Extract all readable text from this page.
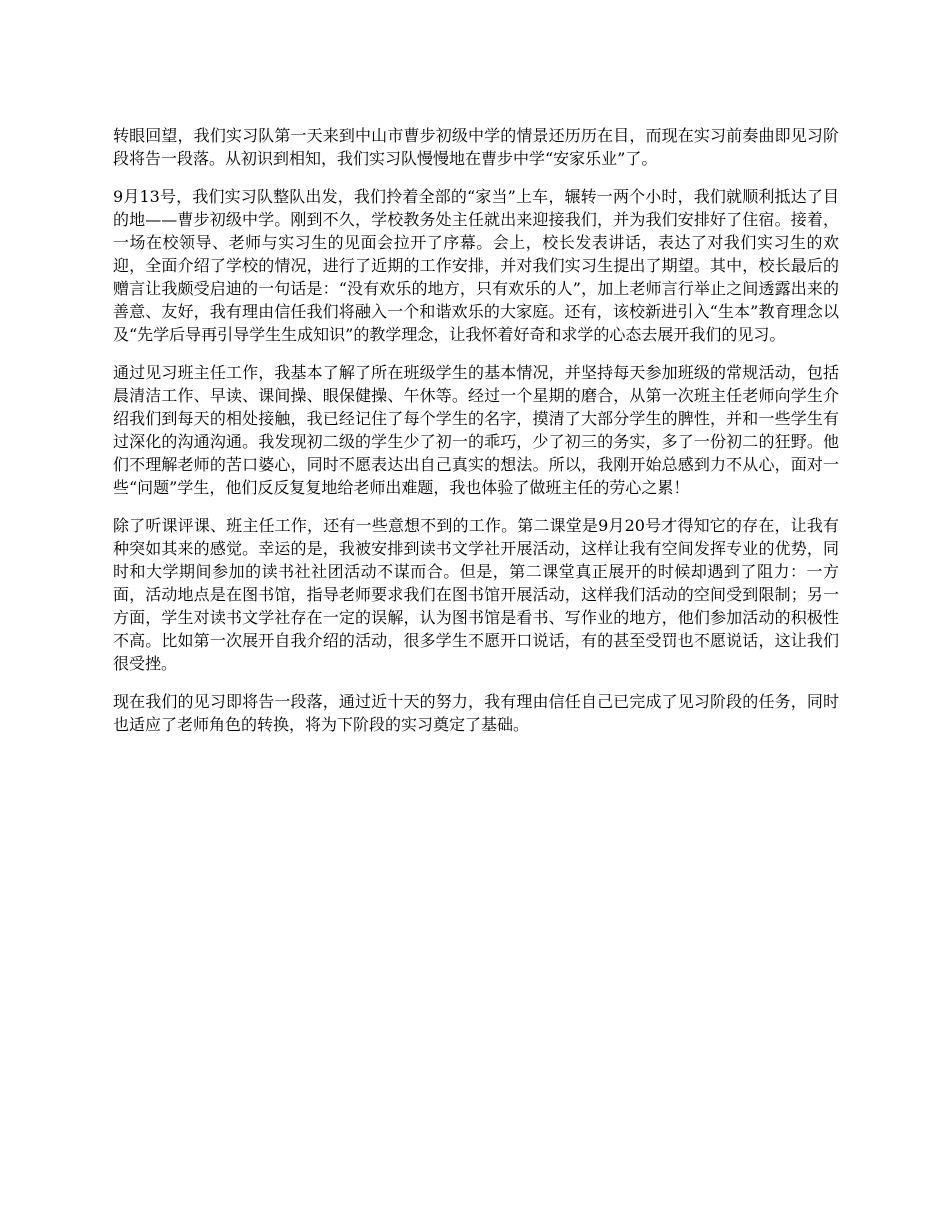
转眼回望，我们实习队第一天来到中山市曹步初级中学的情景还历历在目，而现在实习前奏曲即见习阶段将告一段落。从初识到相知，我们实习队慢慢地在曹步中学“安家乐业”了。

9月13号，我们实习队整队出发，我们拎着全部的“家当”上车，辗转一两个小时，我们就顺利抵达了目的地——曹步初级中学。刚到不久，学校教务处主任就出来迎接我们，并为我们安排好了住宿。接着，一场在校领导、老师与实习生的见面会拉开了序幕。会上，校长发表讲话，表达了对我们实习生的欢迎，全面介绍了学校的情况，进行了近期的工作安排，并对我们实习生提出了期望。其中，校长最后的赠言让我颇受启迪的一句话是：“没有欢乐的地方，只有欢乐的人”，加上老师言行举止之间透露出来的善意、友好，我有理由信任我们将融入一个和谐欢乐的大家庭。还有，该校新进引入“生本”教育理念以及“先学后导再引导学生生成知识”的教学理念，让我怀着好奇和求学的心态去展开我们的见习。

通过见习班主任工作，我基本了解了所在班级学生的基本情况，并坚持每天参加班级的常规活动，包括晨清洁工作、早读、课间操、眼保健操、午休等。经过一个星期的磨合，从第一次班主任老师向学生介绍我们到每天的相处接触，我已经记住了每个学生的名字，摸清了大部分学生的脾性，并和一些学生有过深化的沟通沟通。我发现初二级的学生少了初一的乖巧，少了初三的务实，多了一份初二的狂野。他们不理解老师的苦口婆心，同时不愿表达出自己真实的想法。所以，我刚开始总感到力不从心，面对一些“问题”学生，他们反反复复地给老师出难题，我也体验了做班主任的劳心之累！

除了听课评课、班主任工作，还有一些意想不到的工作。第二课堂是9月20号才得知它的存在，让我有种突如其来的感觉。幸运的是，我被安排到读书文学社开展活动，这样让我有空间发挥专业的优势，同时和大学期间参加的读书社社团活动不谋而合。但是，第二课堂真正展开的时候却遇到了阻力：一方面，活动地点是在图书馆，指导老师要求我们在图书馆开展活动，这样我们活动的空间受到限制；另一方面，学生对读书文学社存在一定的误解，认为图书馆是看书、写作业的地方，他们参加活动的积极性不高。比如第一次展开自我介绍的活动，很多学生不愿开口说话，有的甚至受罚也不愿说话，这让我们很受挫。

现在我们的见习即将告一段落，通过近十天的努力，我有理由信任自己已完成了见习阶段的任务，同时也适应了老师角色的转换，将为下阶段的实习奠定了基础。
